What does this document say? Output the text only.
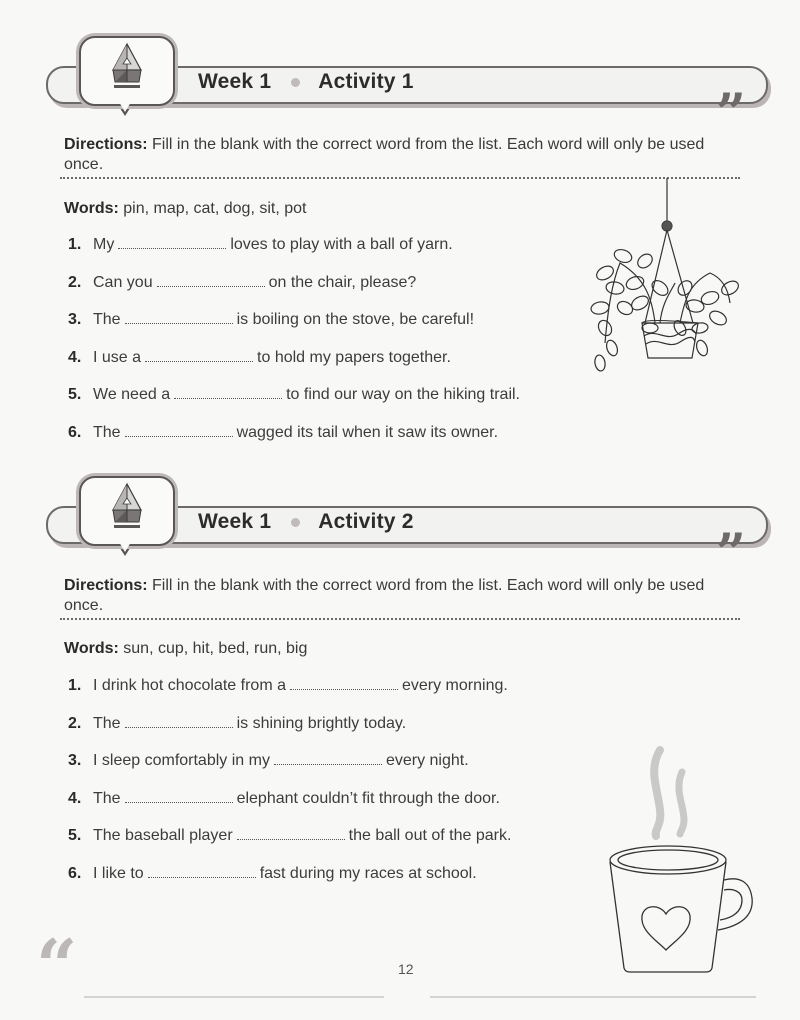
Week 1 Activity 1
”
Directions: Fill in the blank with the correct word from the list. Each word will only be used once.
Words: pin, map, cat, dog, sit, pot
1. My	loves to play with a ball of yarn.
2. Can you	on the chair, please?
3. The	is boiling on the stove, be careful!
4. I use a	to hold my papers together.
5. We need a	to find our way on the hiking trail.
6. The	wagged its tail when it saw its owner.
Week 1 Activity 2
”
Directions: Fill in the blank with the correct word from the list. Each word will only be used once.
Words: sun, cup, hit, bed, run, big
1. I drink hot chocolate from a	every morning.
2. The	is shining brightly today.
3. I sleep comfortably in my	every night.
4. The	elephant couldn’t fit through the door.
5. The baseball player	the ball out of the park.
6. I like to	fast during my races at school.
“	12
